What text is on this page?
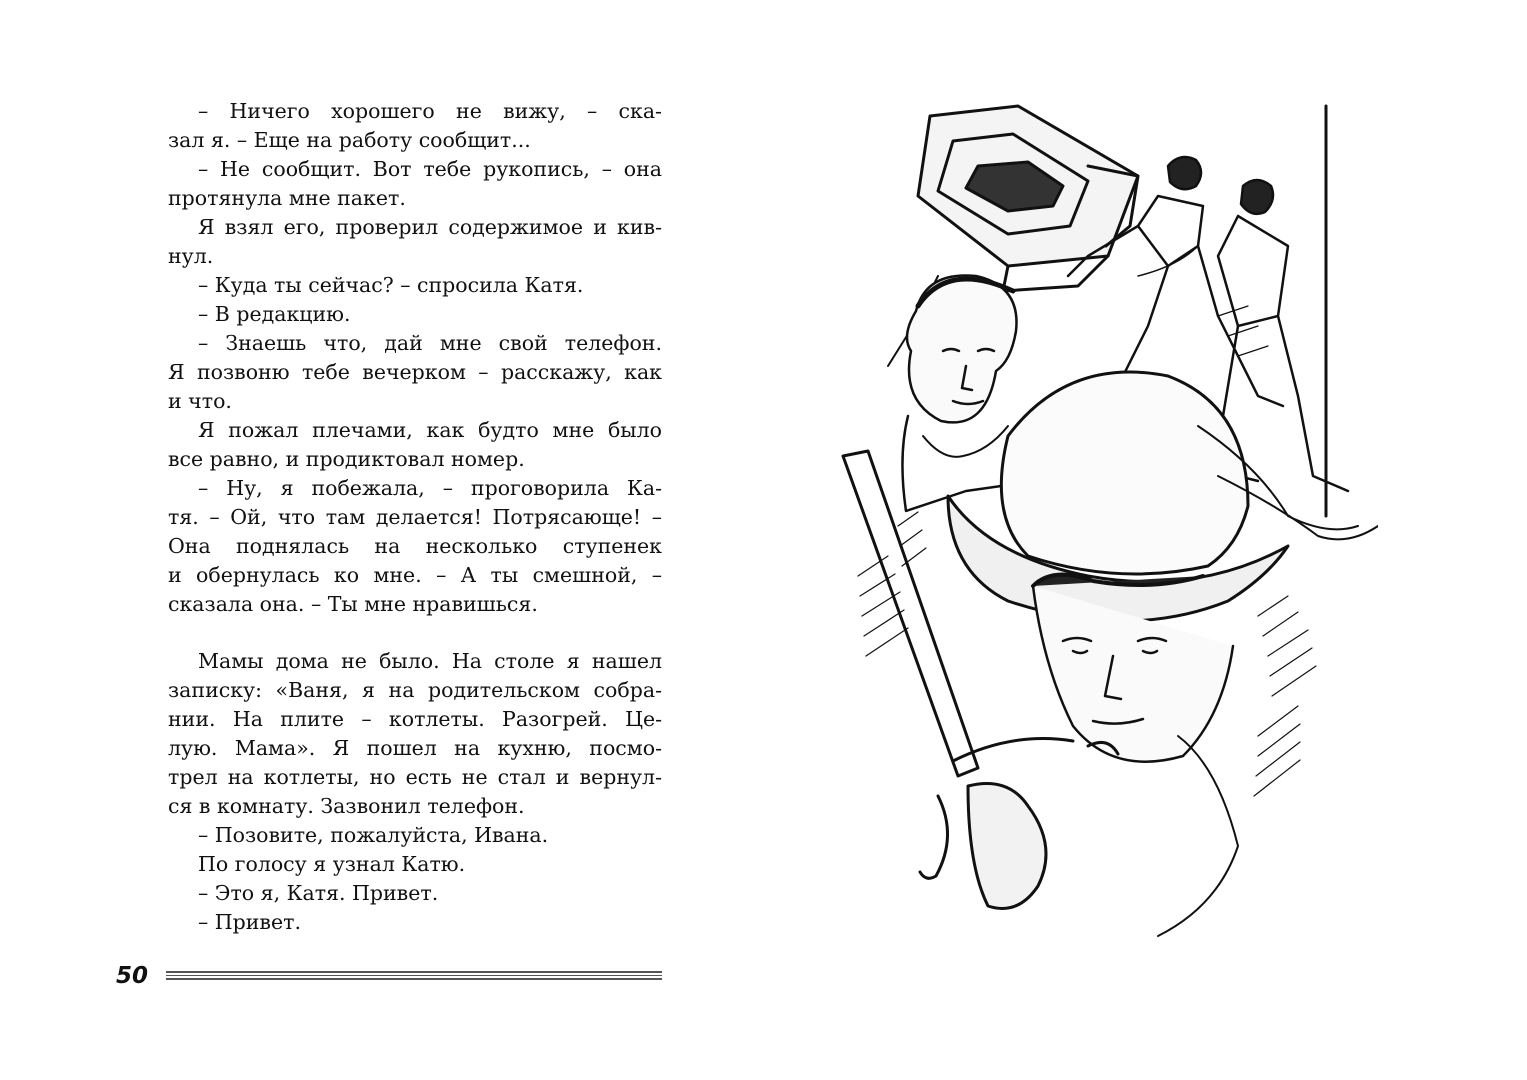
– Ничего хорошего не вижу, – ска-
зал я. – Еще на работу сообщит...
– Не сообщит. Вот тебе рукопись, – она
протянула мне пакет.
Я взял его, проверил содержимое и кив-
нул.
– Куда ты сейчас? – спросила Катя.
– В редакцию.
– Знаешь что, дай мне свой телефон.
Я позвоню тебе вечерком – расскажу, как
и что.
Я пожал плечами, как будто мне было
все равно, и продиктовал номер.
– Ну, я побежала, – проговорила Ка-
тя. – Ой, что там делается! Потрясающе! –
Она поднялась на несколько ступенек
и обернулась ко мне. – А ты смешной, –
сказала она. – Ты мне нравишься.
Мамы дома не было. На столе я нашел
записку: «Ваня, я на родительском собра-
нии. На плите – котлеты. Разогрей. Це-
лую. Мама». Я пошел на кухню, посмо-
трел на котлеты, но есть не стал и вернул-
ся в комнату. Зазвонил телефон.
– Позовите, пожалуйста, Ивана.
По голосу я узнал Катю.
– Это я, Катя. Привет.
– Привет.
50
